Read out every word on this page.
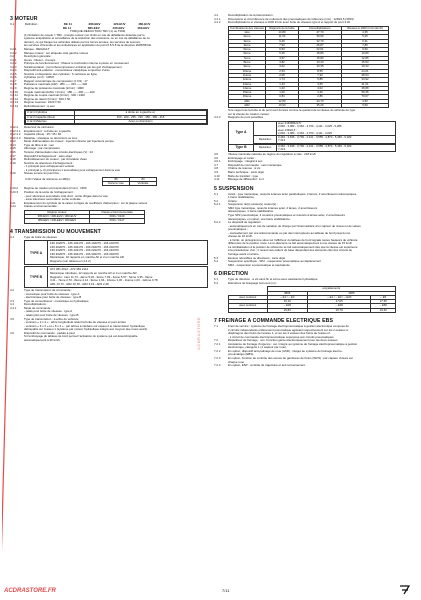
ACDRASTORE
3 MOTEUR
3.1	Définition :	DE 11	380-EEV	420-EUV	460-EUV
DE 11	380-EEV	430-EEV	460-EEV
TORQUE REDUCTION TRU (1) ou TR40
(1) limitation de couple = TR0 - (couple moteur non limité en cas de défaillance détectée par le
système antipollution et surveillance de la réduction des émissions, ou en cas de défaillance de ce
dernier), ce qui bloque les véhicules utilisés par les forces armées, les services de secours,
les services d'incendie et les ambulances en application du point 6.5.5.8 de la directive 2005/55/CE
3.2.1	Marque : RENAULT
3.2.2	Marque moteur : sur étiquette côté gauche moteur
3.2	Description générale :
3.2.1	Genre : Diesel - 4 temps
3.2.2	Principe de fonctionnement : Moteur à combustion interne à piston en mouvement
3.2.3	Suralimentation : par turbocompresseur entraîné par les gaz d'échappement
3.2.4	Dispositif anti-pollution : convertisseur catalytique à injection d'urée
3.2.5	Nombre et disposition des cylindres : 6 verticaux en ligne
3.2.6	Cylindrée (cm³) : 10837
3.2.7	Rapport volumétrique de compression (± 0,5) : 17
3.2.8	Puissance maximale (kW) : 280 ----- 323 ----- 346
3.2.9	Régime de puissance maximale (tr/min) : 1900
3.2.10 Couple maximal (daNm / tr/min) : 180 ----- 200 ----- 220
3.2.11 Régime de couple maximal (tr/min) : 900 / 1400
3.2.12 Régime de ralenti (tr/min) : 600 ± 50
3.2.13 Régime maximal : 2220 ± 50
3.2.14 Refroidissement : à eau
3.12.1 Cylindres	à droite av. à gauche ar.
3.12.2 Capacité (litres)	160 - 220 - 255 - 315 - 350 - 380 - 415
3.12.3 Matériau	Acier ou Aluminium
3.12.4 Réservoir de carburant :
3.12.4.1 Emplacement : à droite av. à gauche
3.12.4.2 Capacité (litres) : 25 / 45 / 60
3.12.4.3 Matériau : plastique ou aluminium ou inox
3.13	Mode d'alimentation du moteur : injection directe par injecteurs pompe
3.14	Type de filtre à air : sec
3.15	Allumage : par compression
3.16	Tension d'alimentation des circuits électriques (V) : 24
3.17	Dispositif d'échappement : sans objet
3.18	Refroidissement du moteur : par circulation d'eau
3.19	Nombre de silencieux d'échappement :
- 1 principal pour échappement vertical
- 1 principal (+ 2) principal et 1 secondaire) pour échappement dans la voie
3.20	Niveau sonore au point fixe :
3.20.1 Valeur de référence en dB(A) :	86	83
	Dans le voie	Verticale
3.20.2 Régime de rotation correspondant (tr/min) : 1350
3.20.3 Position de la sortie de l'échappement :
- pour silencieux secondaire côté droit : sortie dirigée dans la voie
- sans silencieux secondaire: sortie verticale
3.21	Emplacement du symbole de la valeur corrigée du coefficient d'absorption : sur la plaque moteur
3.24	Classe environnementale :
Régime moteur	Classe environnementale
380-EUV / 430-EUV / 460-EUV	0001 / 0140
380-EEV / 430-EEV / 460-EEV	0001 / 0147
4 TRANSMISSION DU MOUVEMENT
4.1	Type de boîte de vitesses :
TYPE A
166 102070 - 166 102170 - 166 102270 - 166 102370
166 202070 - 166 202170 - 166 202270 - 166 202370
166 222070 - 166 222170 - 166 222270 - 166 222370
166 302070 - 166 302170 - 166 302270 - 166 302370
Mécanique, 16 rapports en marche AV et 2 en marche AR
Rapports (voir tableau en 4.4.2)
TYPE B
AT2 381 2012 - AT2 381 2112
Mécanique robotisée, 12 rapports en marche AV et 4 en marche AR
Rapports : 1ère 11,73 - 2ème 9,04 - 3ème 7,09 - 4ème 5,57 - 5ème 4,35 - 6ème
3,41 - 7ème 2,70 - 8ème 2,12 - 9ème 1,64 - 10ème 1,30 - 11ème 1,00 - 12ème 0,78
AR1 13,73 - AR2 10,78 - AR3 3,19 - AR4 2,48
4.2	Type de transmission de commande :
- mécanique pour boîte de vitesses : type A
- électronique pour boîte de vitesses : type B
4.3	Type de convertisseur : mécanique ou hydraulique
4.4	Démultiplications :
4.4.1	Mode de commande :
- relais pour boîte de vitesses : type A
- relais pilot pour boîte de vitesses : type B
4.5	Type de transmission : à arbre du véhicule
- versions « 2 x 4 » : arbre longitudinal reliant la boîte de vitesses et pont arrière
- versions « 6 x 2 » et « 6 x 4 » : par arbres à cardans sur essieu 2 et transmission hydraulique
débrayable sur l'essieu 1 (système par moteur hydraulique intégré aux moyeux des roues avant)
4.6	Dispositif de commande : pédale à pied
Si l'embrayage du tableau de bord permet l'activation du système qui est désembrayable
automatiquement à 30 km/h.
4.4	Démultiplication de la transmission :
4.4.1	Dimensions et circonférence de roulement des pneumatiques de référence (mm) : 12R22,5 (3453)
4.4.2	Démultiplications et vitesses à 1000 tr/min avec boîte de vitesses type A et rapport de pont 3,40
Combinaisons des vitesses	Rapports de la boîte	Démultiplications	Vitesses à 1000 tr/min (km/h)
1ère	13,80	47,70	4,35
2ème	11,54	39,90	5,26
3ème	9,49	32,70	6,41
4ème	7,93	26,87	7,80
5ème	6,53	22,61	9,60
6ème	5,46	18,86	10,80
7ème	4,57	15,80	12,86
8ème	3,82	13,43	15,53
9ème	3,02	10,35	19,33
10ème	2,53	8,55	24,01
11ème	2,08	7,20	28,54
12ème	1,74	5,85	34,92
13ème	1,43	4,65	41,01
14ème	1,20	4,02	48,88
15ème	1,00	3,40	59,36
16ème	0,84	2,86	70,67
AR1	12,80	44,70	4,50
AR2	10,90	35,26	5,60
Si le rapport de la boîte et du pont sont donnés comme la quotient de la vitesse du véhicule de type
sur la vitesse de rotation moteur.
4.4.3	Rapports de pont possibles
Type A		avec 315/80R22,5 :
2,846 - 3,083 - 3,364 - 3,700 - 4,111 - 4,625 - 5,286
avec 13R22,5 :
2,846 - 3,083 - 3,364 - 3,700 - 4,111 - 4,625

	Réduction	3,462 - 3,636 - 3,793 - 4,121 - 4,555 - 4,874 - 5,466 - 6,182
7,213

Type B	Réduction	3,462 - 3,636 - 3,793 - 4,121 - 4,555 - 4,874 - 5,466 - 6,182
7,213
4.5	Vitesse maximale calculée au régime de régulation à vide : 218 km/h
4.6	Embrayage et carter :
4.6.1	Embrayage : intégral à sec
4.7	Dispositif de commande : vers mécanique
4.8	Chaîne de retenue : à vis
4.9	Barre technique : sans objet
4.10	Boîte de transfert : type
4.11	Blocage de différentiel : à cl.
5 SUSPENSION
5.1	Avant : type mécanique, ressorts à lames acier paraboliques, 2 lames, 2 amortisseurs télescopiques,
1 barre stabilisatrice.
5.2	Arrière :
5.2.1	Suspension de(s) essieu(s) moteur(s) :
SM2 type mécanique, ressorts à lames acier, 2 lames, 2 amortisseurs
télescopiques, 1 barre stabilisatrice.
Type SP2 pneumatique, 4 coussins pneumatiques et ressorts à lames acier, 2 amortisseurs
télescopiques, en option, une barre stabilisatrice.
5.2.2	Le dispositif de régulation :
- automatiquement en cas de variation de charge par l'intermédiaire d'un capteur de niveau et de valves
pneumatiques ;
- manuellement par une télécommande ou par des interrupteurs au tableau de bord jusqu'à une
vitesse de 10 km/h.
- à l'arrêt, un pictogramme situé sur l'afficheur du tableau de bord signale toutes hauteurs de véhicule
différentes de la position route. La ré-descente se fait automatiquement à une vitesse de 15 km/h
La réinitialisation à la position de référence se fait automatiquement dès que la vitesse est supérieure
à la présélection d'un ; il revient aux paliers de base dépendant des éléments clés des circuits de
freinage avant et arrière.
5.3	Essieux relevables ou directeurs : sans objet
5.4	Suspension spécifique : SP2 - suspension pneumatique au déplacement
SM2 - suspension à pneumatique et équivalente
6 DIRECTION
6.1	Type de direction : à vis sans fin et écrou avec assistance hydraulique
6.2	Diamètres de braquage hors-tout (m) :
	empattements		
	3865	3965	
avec versions	-- E1 / -- E3	-- E1 / -- E3 / -- E20	-- E5
	16,10	17,05	17,35
avec versions	-- E20	-- E40	-- E60
	15,84	16,76	19,30
7 FREINAGE A COMMANDE ELECTRIQUE EBS
7.1	Frein de service : système de freinage électropneumatique à gestion électronique composé de
2 circuits indépendants entièrement pneumatique agissant respectivement sur les 2 essieux à
diaphragme des freins de l'essieu 1, et sur les 2 essieux des freins de l'essieu 2.
- 1 circuit de commande électropneumatique superposé aux circuits pneumatiques.
7.2	Répartiteur de freinage : non. Fonction gérée électroniquement pour les deux essieux.
7.2.1	Assistance de freinage d'urgence : oui. Intégré au système de freinage électropneumatique à gestion
électronique, catégorie 1 (1 capteur par roue).
7.2.2	En option, dispositif anti-patinage de roue (ASR) : intégré au système de freinage électro-
pneumatique (EBS).
7.2.3	En option, fonction de contrôle des usures de garnitures de freins (WCS) : par capteur d'usure sur
chaque roue.
7.2.4	En option, ESP : contrôle de trajectoire et anti renversement.
ACDRASTORE.FR	7/11
